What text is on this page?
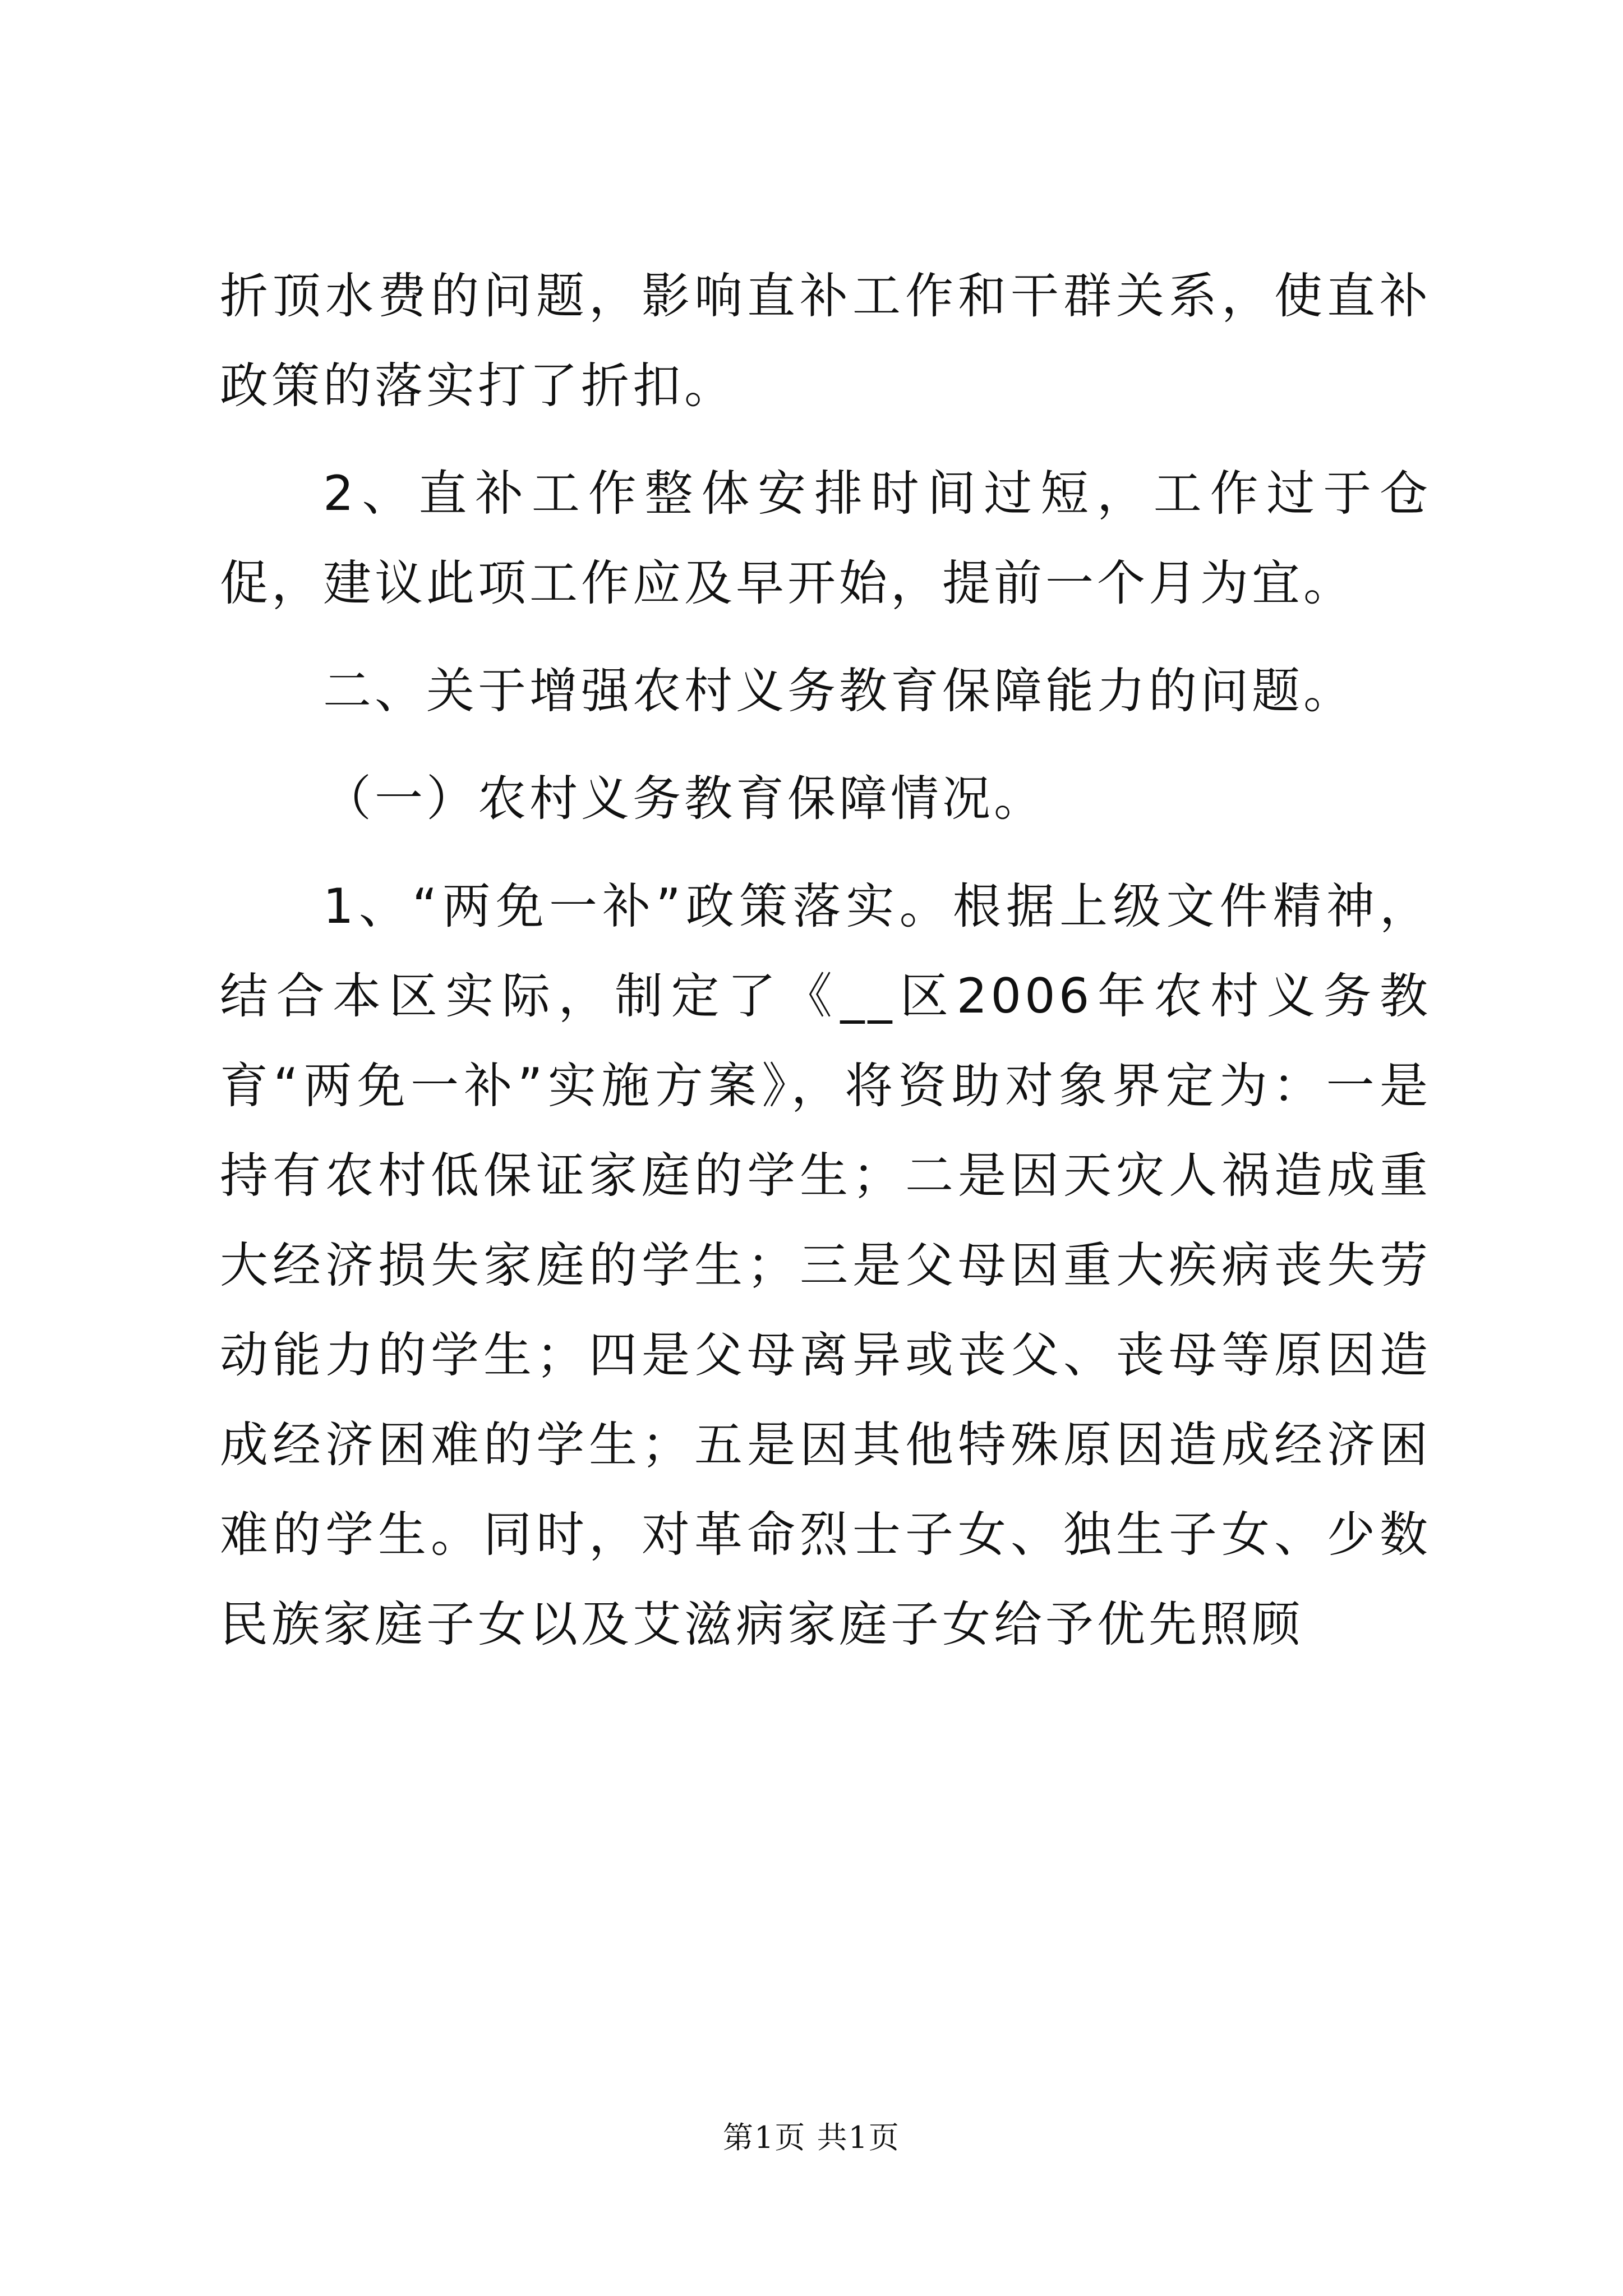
折顶水费的问题，影响直补工作和干群关系，使直补政策的落实打了折扣。

2、直补工作整体安排时间过短，工作过于仓促，建议此项工作应及早开始，提前一个月为宜。

二、关于增强农村义务教育保障能力的问题。

（一）农村义务教育保障情况。

1、“两免一补”政策落实。根据上级文件精神，结合本区实际，制定了《__区2006年农村义务教育“两免一补”实施方案》，将资助对象界定为：一是持有农村低保证家庭的学生；二是因天灾人祸造成重大经济损失家庭的学生；三是父母因重大疾病丧失劳动能力的学生；四是父母离异或丧父、丧母等原因造成经济困难的学生；五是因其他特殊原因造成经济困难的学生。同时，对革命烈士子女、独生子女、少数民族家庭子女以及艾滋病家庭子女给予优先照顾

第1页 共1页
